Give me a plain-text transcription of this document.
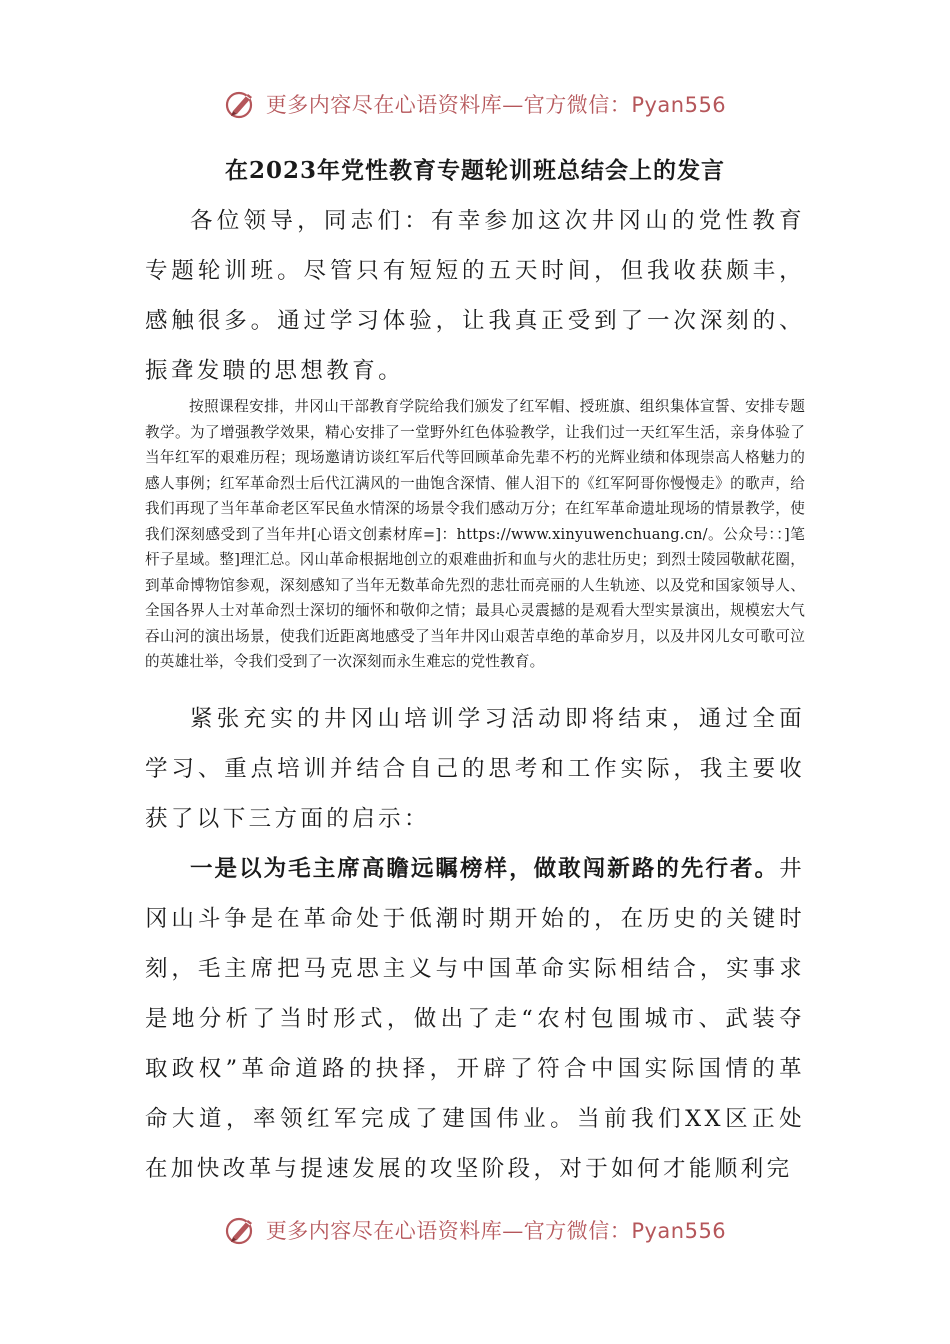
更多内容尽在心语资料库—官方微信：Pyan556
在2023年党性教育专题轮训班总结会上的发言

各位领导，同志们：有幸参加这次井冈山的党性教育专题轮训班。尽管只有短短的五天时间，但我收获颇丰，感触很多。通过学习体验，让我真正受到了一次深刻的、振聋发聩的思想教育。

按照课程安排，井冈山干部教育学院给我们颁发了红军帽、授班旗、组织集体宣誓、安排专题教学。为了增强教学效果，精心安排了一堂野外红色体验教学，让我们过一天红军生活，亲身体验了当年红军的艰难历程；现场邀请访谈红军后代等回顾革命先辈不朽的光辉业绩和体现崇高人格魅力的感人事例；红军革命烈士后代江满风的一曲饱含深情、催人泪下的《红军阿哥你慢慢走》的歌声，给我们再现了当年革命老区军民鱼水情深的场景令我们感动万分；在红军革命遗址现场的情景教学，使我们深刻感受到了当年井[心语文创素材库=]：https://www.xinyuwenchuang.cn/。公众号：：]笔杆子星域。整]理汇总。冈山革命根据地创立的艰难曲折和血与火的悲壮历史；到烈士陵园敬献花圈，到革命博物馆参观，深刻感知了当年无数革命先烈的悲壮而亮丽的人生轨迹、以及党和国家领导人、全国各界人士对革命烈士深切的缅怀和敬仰之情；最具心灵震撼的是观看大型实景演出，规模宏大气吞山河的演出场景，使我们近距离地感受了当年井冈山艰苦卓绝的革命岁月，以及井冈儿女可歌可泣的英雄壮举，令我们受到了一次深刻而永生难忘的党性教育。

紧张充实的井冈山培训学习活动即将结束，通过全面学习、重点培训并结合自己的思考和工作实际，我主要收获了以下三方面的启示：

一是以为毛主席高瞻远瞩榜样，做敢闯新路的先行者。井冈山斗争是在革命处于低潮时期开始的，在历史的关键时刻，毛主席把马克思主义与中国革命实际相结合，实事求是地分析了当时形式，做出了走“农村包围城市、武装夺取政权”革命道路的抉择，开辟了符合中国实际国情的革命大道，率领红军完成了建国伟业。当前我们XX区正处在加快改革与提速发展的攻坚阶段，对于如何才能顺利完

更多内容尽在心语资料库—官方微信：Pyan556
